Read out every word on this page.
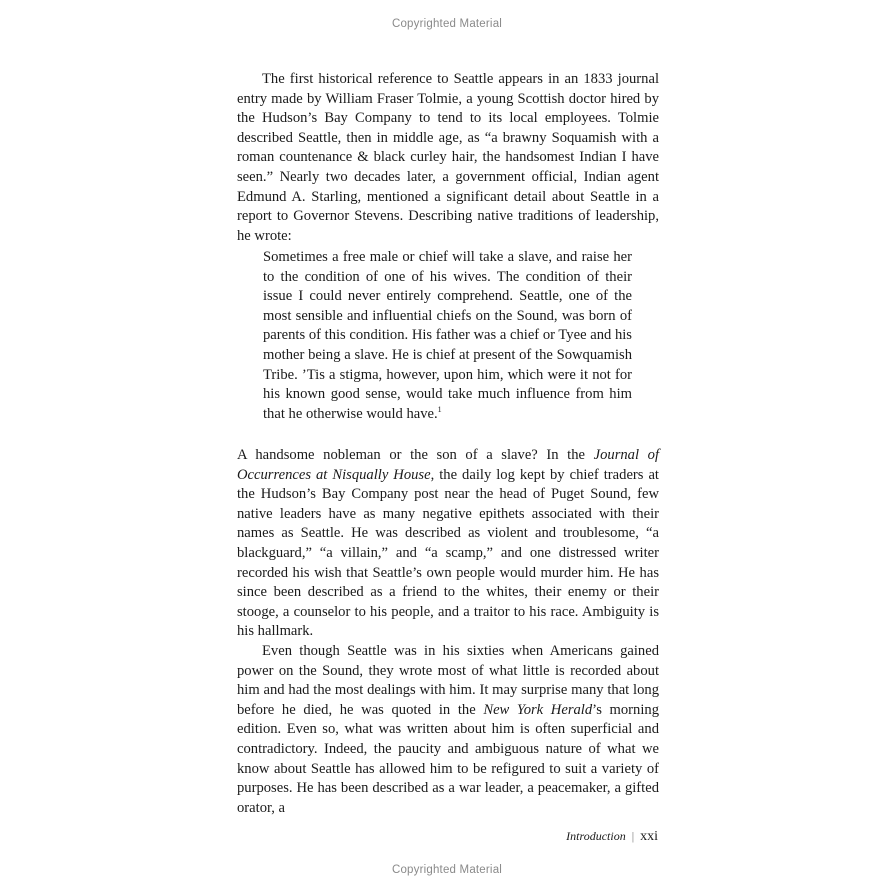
Copyrighted Material

The first historical reference to Seattle appears in an 1833 journal entry made by William Fraser Tolmie, a young Scottish doctor hired by the Hudson’s Bay Company to tend to its local employees. Tolmie described Seattle, then in middle age, as “a brawny Soquamish with a roman countenance & black curley hair, the handsomest Indian I have seen.” Nearly two decades later, a government official, Indian agent Edmund A. Starling, mentioned a significant detail about Seattle in a report to Governor Stevens. Describing native traditions of leadership, he wrote:

Sometimes a free male or chief will take a slave, and raise her to the condition of one of his wives. The condition of their issue I could never entirely comprehend. Seattle, one of the most sensible and influential chiefs on the Sound, was born of parents of this condition. His father was a chief or Tyee and his mother being a slave. He is chief at present of the Sowquamish Tribe. ’Tis a stigma, however, upon him, which were it not for his known good sense, would take much influence from him that he otherwise would have.$^1$

A handsome nobleman or the son of a slave? In the Journal of Occurrences at Nisqually House, the daily log kept by chief traders at the Hudson’s Bay Company post near the head of Puget Sound, few native leaders have as many negative epithets associated with their names as Seattle. He was described as violent and troublesome, “a blackguard,” “a villain,” and “a scamp,” and one distressed writer recorded his wish that Seattle’s own people would murder him. He has since been described as a friend to the whites, their enemy or their stooge, a counselor to his people, and a traitor to his race. Ambiguity is his hallmark.

Even though Seattle was in his sixties when Americans gained power on the Sound, they wrote most of what little is recorded about him and had the most dealings with him. It may surprise many that long before he died, he was quoted in the New York Herald’s morning edition. Even so, what was written about him is often superficial and contradictory. Indeed, the paucity and ambiguous nature of what we know about Seattle has allowed him to be refigured to suit a variety of purposes. He has been described as a war leader, a peacemaker, a gifted orator, a

Introduction | xxi
Copyrighted Material
